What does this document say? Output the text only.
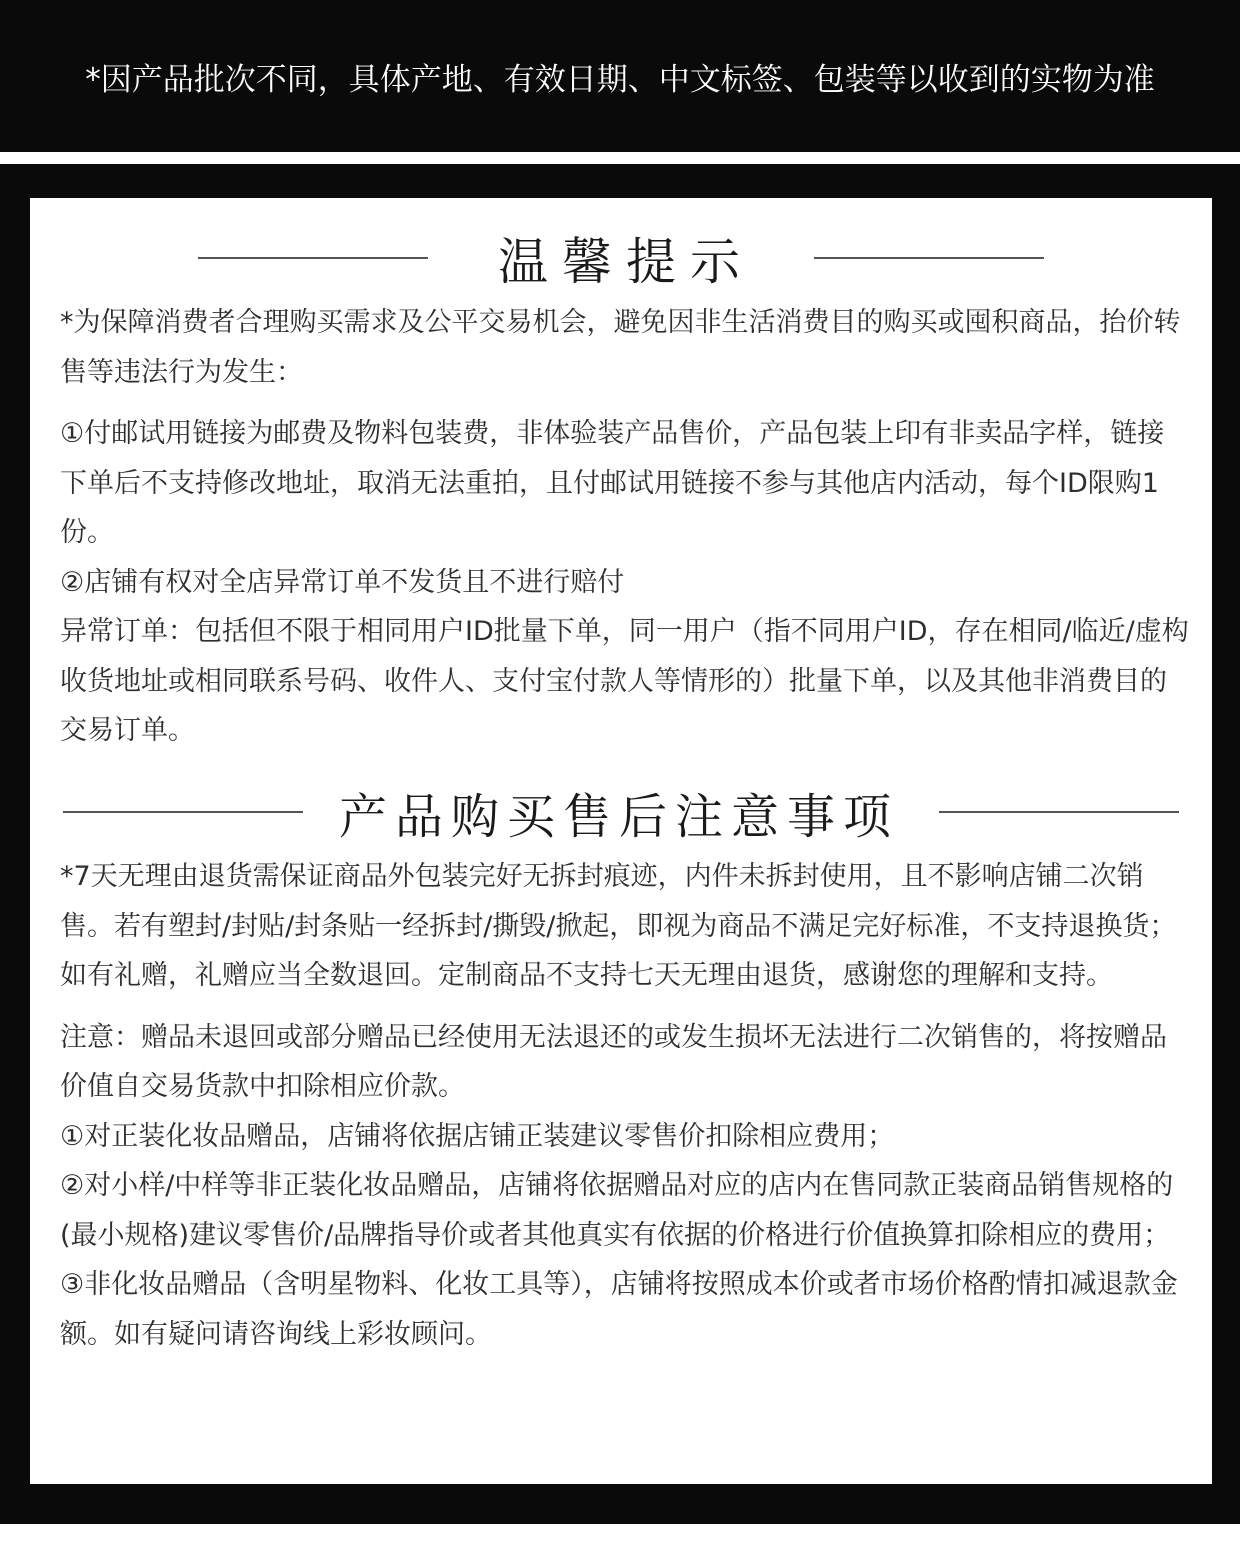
*因产品批次不同，具体产地、有效日期、中文标签、包装等以收到的实物为准
温馨提示

*为保障消费者合理购买需求及公平交易机会，避免因非生活消费目的购买或囤积商品，抬价转售等违法行为发生：

①付邮试用链接为邮费及物料包装费，非体验装产品售价，产品包装上印有非卖品字样，链接下单后不支持修改地址，取消无法重拍，且付邮试用链接不参与其他店内活动，每个ID限购1份。

②店铺有权对全店异常订单不发货且不进行赔付

异常订单：包括但不限于相同用户ID批量下单，同一用户（指不同用户ID，存在相同/临近/虚构收货地址或相同联系号码、收件人、支付宝付款人等情形的）批量下单，以及其他非消费目的交易订单。

产品购买售后注意事项

*7天无理由退货需保证商品外包装完好无拆封痕迹，内件未拆封使用，且不影响店铺二次销售。若有塑封/封贴/封条贴一经拆封/撕毁/掀起，即视为商品不满足完好标准，不支持退换货；如有礼赠，礼赠应当全数退回。定制商品不支持七天无理由退货，感谢您的理解和支持。

注意：赠品未退回或部分赠品已经使用无法退还的或发生损坏无法进行二次销售的，将按赠品价值自交易货款中扣除相应价款。

①对正装化妆品赠品，店铺将依据店铺正装建议零售价扣除相应费用；

②对小样/中样等非正装化妆品赠品，店铺将依据赠品对应的店内在售同款正装商品销售规格的(最小规格)建议零售价/品牌指导价或者其他真实有依据的价格进行价值换算扣除相应的费用；

③非化妆品赠品（含明星物料、化妆工具等），店铺将按照成本价或者市场价格酌情扣减退款金额。如有疑问请咨询线上彩妆顾问。
